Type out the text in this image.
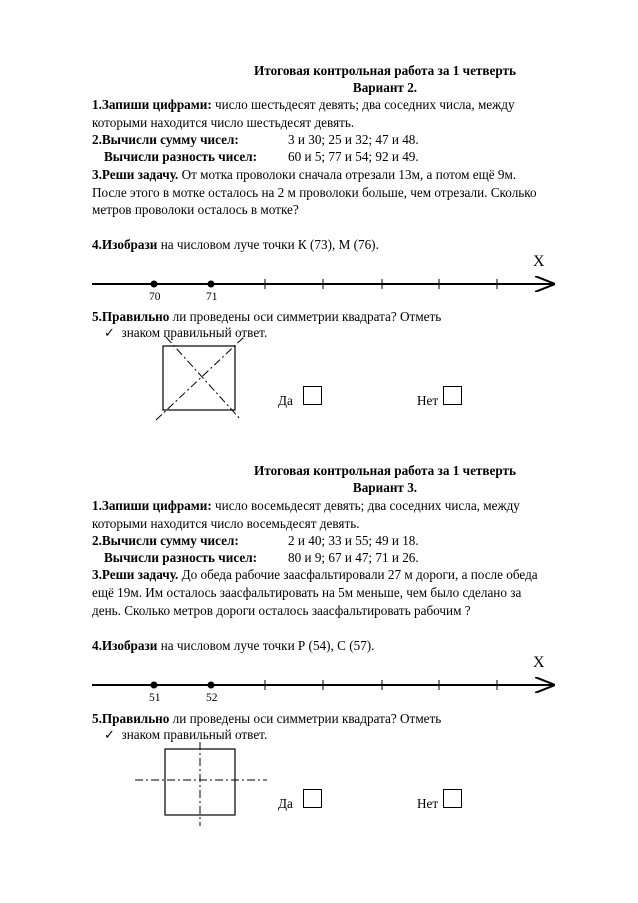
Итоговая контрольная работа за 1 четверть
Вариант 2.
1.Запиши цифрами: число шестьдесят девять; два соседних числа, между
которыми находится число шестьдесят девять.
2.Вычисли сумму чисел:	3 и 30; 25 и 32; 47 и 48.
Вычисли разность чисел: 60 и 5; 77 и 54; 92 и 49.
3.Реши задачу. От мотка проволоки сначала отрезали 13м, а потом ещё 9м.
После этого в мотке осталось на 2 м проволоки больше, чем отрезали. Сколько
метров проволоки осталось в мотке?
4.Изобрази на числовом луче точки К (73), М (76).
X
70	71
5.Правильно ли проведены оси симметрии квадрата? Отметь
✓ знаком правильный ответ.
Да	Нет
Итоговая контрольная работа за 1 четверть
Вариант 3.
1.Запиши цифрами: число восемьдесят девять; два соседних числа, между
которыми находится число восемьдесят девять.
2.Вычисли сумму чисел:	2 и 40; 33 и 55; 49 и 18.
Вычисли разность чисел: 80 и 9; 67 и 47; 71 и 26.
3.Реши задачу. До обеда рабочие заасфальтировали 27 м дороги, а после обеда
ещё 19м. Им осталось заасфальтировать на 5м меньше, чем было сделано за
день. Сколько метров дороги осталось заасфальтировать рабочим ?
4.Изобрази на числовом луче точки Р (54), С (57).
X
51	52
5.Правильно ли проведены оси симметрии квадрата? Отметь
✓ знаком правильный ответ.
Да	Нет
